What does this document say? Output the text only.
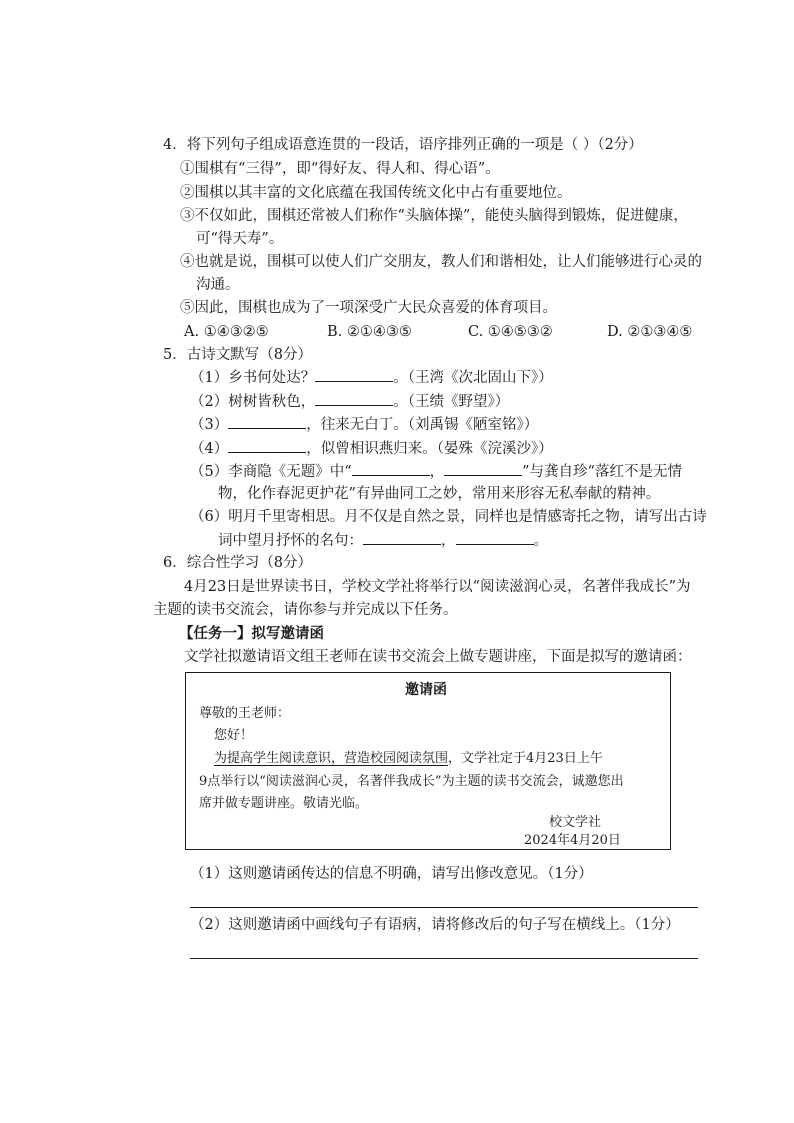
4．将下列句子组成语意连贯的一段话，语序排列正确的一项是（ ）（2分）
①围棋有“三得”，即“得好友、得人和、得心语”。
②围棋以其丰富的文化底蕴在我国传统文化中占有重要地位。
③不仅如此，围棋还常被人们称作“头脑体操”，能使头脑得到锻炼，促进健康，
可“得天寿”。
④也就是说，围棋可以使人们广交朋友，教人们和谐相处，让人们能够进行心灵的
沟通。
⑤因此，围棋也成为了一项深受广大民众喜爱的体育项目。
A. ①④③②⑤	B. ②①④③⑤	C. ①④⑤③②	D. ②①③④⑤
5．古诗文默写（8分）
（1）乡书何处达？	。（王湾《次北固山下》）
（2）树树皆秋色，	。（王绩《野望》）
（3）	，往来无白丁。（刘禹锡《陋室铭》）
（4）	，似曾相识燕归来。（晏殊《浣溪沙》）
（5）李商隐《无题》中“	，	”与龚自珍“落红不是无情
物，化作春泥更护花”有异曲同工之妙，常用来形容无私奉献的精神。
（6）明月千里寄相思。月不仅是自然之景，同样也是情感寄托之物，请写出古诗
词中望月抒怀的名句：	，	。
6．综合性学习（8分）
4月23日是世界读书日，学校文学社将举行以“阅读滋润心灵，名著伴我成长”为
主题的读书交流会，请你参与并完成以下任务。
【任务一】拟写邀请函
文学社拟邀请语文组王老师在读书交流会上做专题讲座，下面是拟写的邀请函：
邀请函
尊敬的王老师：
您好！
为提高学生阅读意识，营造校园阅读氛围，文学社定于4月23日上午
9点举行以“阅读滋润心灵，名著伴我成长”为主题的读书交流会，诚邀您出
席并做专题讲座。敬请光临。
校文学社
2024年4月20日
（1）这则邀请函传达的信息不明确，请写出修改意见。（1分）
（2）这则邀请函中画线句子有语病，请将修改后的句子写在横线上。（1分）
